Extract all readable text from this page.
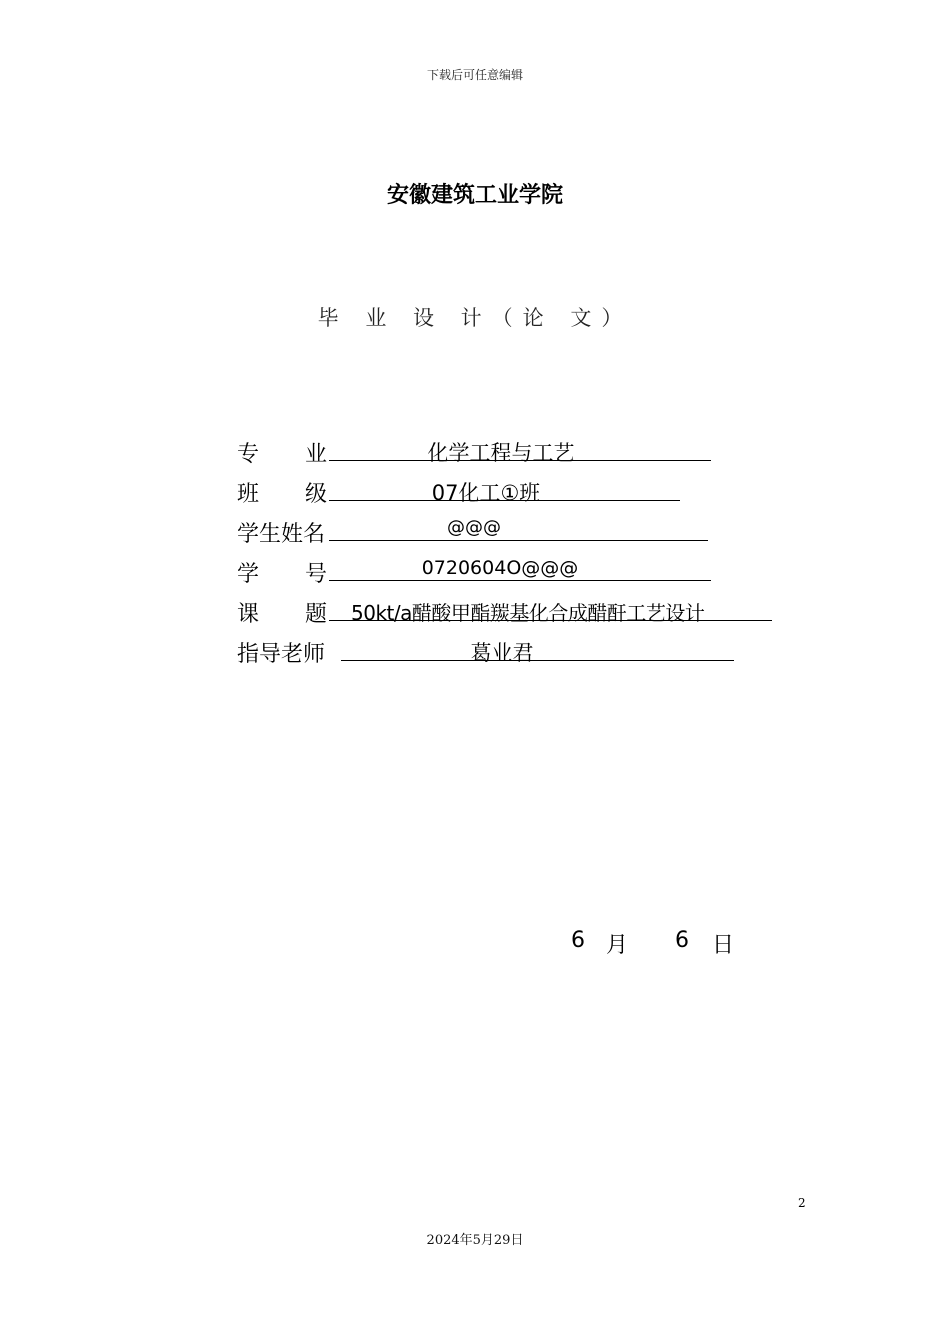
下载后可任意编辑
安徽建筑工业学院
毕 业 设 计（论 文）
专 业	化学工程与工艺
班 级	07化工①班
学生姓名	@@@
学 号	0720604O@@@
课 题 50kt/a醋酸甲酯羰基化合成醋酐工艺设计
指导老师	葛业君
6 月 6 日
2
2024年5月29日
